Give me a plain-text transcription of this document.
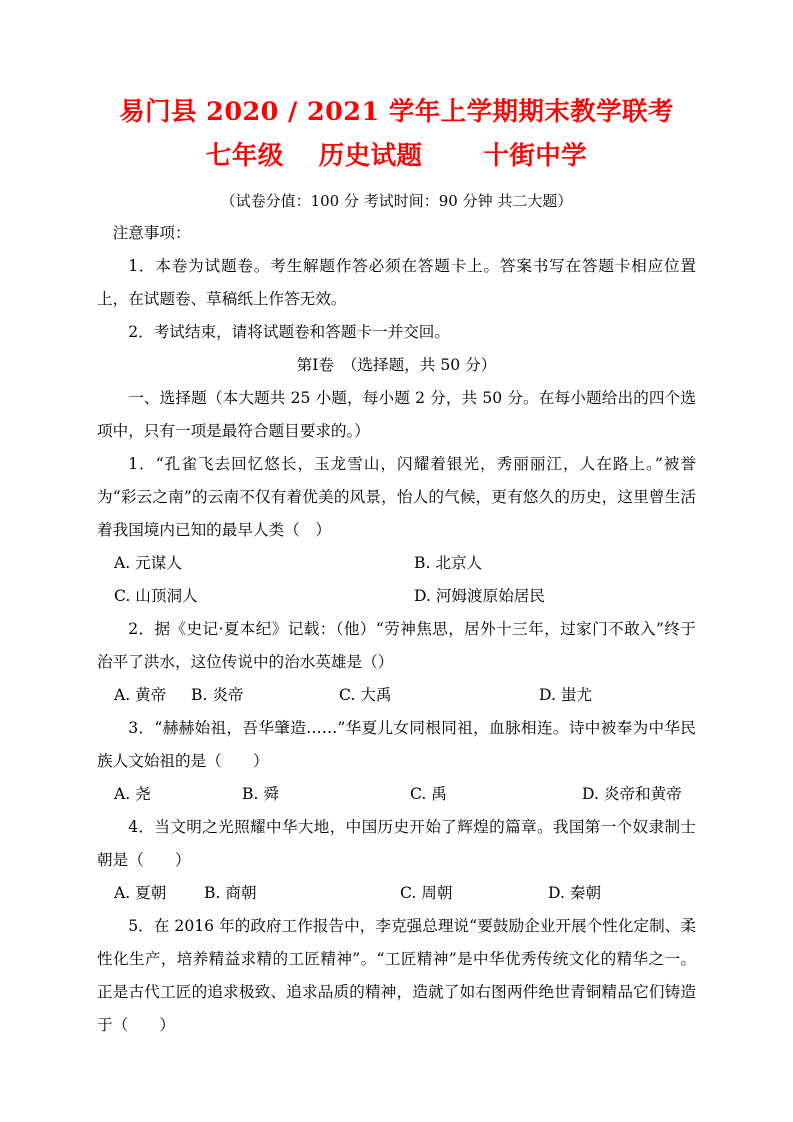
易门县 2020 / 2021 学年上学期期末教学联考
七年级　 历史试题　　 十街中学
（试卷分值：100 分 考试时间：90 分钟 共二大题）

注意事项：

1．本卷为试题卷。考生解题作答必须在答题卡上。答案书写在答题卡相应位置上，在试题卷、草稿纸上作答无效。

2．考试结束，请将试题卷和答题卡一并交回。

第Ⅰ卷　（选择题，共 50 分）

一、选择题（本大题共 25 小题，每小题 2 分，共 50 分。在每小题给出的四个选项中，只有一项是最符合题目要求的。）

1．“孔雀飞去回忆悠长，玉龙雪山，闪耀着银光，秀丽丽江，人在路上。”被誉为“彩云之南”的云南不仅有着优美的风景，怡人的气候，更有悠久的历史，这里曾生活着我国境内已知的最早人类（　）

A. 元谋人	B. 北京人
C. 山顶洞人	D. 河姆渡原始居民

2．据《史记·夏本纪》记载：（他）“劳神焦思，居外十三年，过家门不敢入”终于治平了洪水，这位传说中的治水英雄是（）

A. 黄帝	B. 炎帝	C. 大禹	D. 蚩尤

3．“赫赫始祖，吾华肇造……”华夏儿女同根同祖，血脉相连。诗中被奉为中华民族人文始祖的是（　　）

A. 尧	B. 舜	C. 禹	D. 炎帝和黄帝

4．当文明之光照耀中华大地，中国历史开始了辉煌的篇章。我国第一个奴隶制士朝是（　　）

A. 夏朝	B. 商朝	C. 周朝	D. 秦朝

5．在 2016 年的政府工作报告中，李克强总理说“要鼓励企业开展个性化定制、柔性化生产，培养精益求精的工匠精神”。“工匠精神”是中华优秀传统文化的精华之一。正是古代工匠的追求极致、追求品质的精神，造就了如右图两件绝世青铜精品它们铸造于（　　）
